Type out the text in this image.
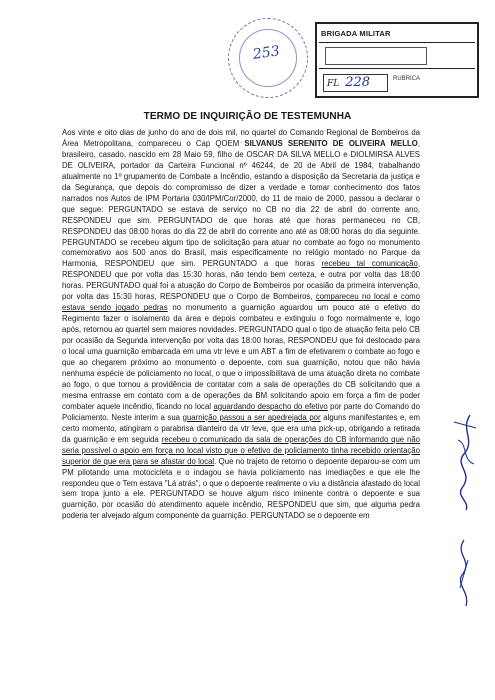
253
BRIGADA MILITAR
FL 228	RUBRICA
TERMO DE INQUIRIÇÃO DE TESTEMUNHA

Aos vinte e oito dias de junho do ano de dois mil, no quartel do Comando Regional de Bombeiros da Área Metropolitana, compareceu o Cap QOEM SILVANUS SERENITO DE OLIVEIRA MELLO, brasileiro, casado, nascido em 28 Maio 59, filho de OSCAR DA SILVA MELLO e DIOLMIRSA ALVES DE OLIVEIRA, portador da Carteira Funcional nº 46244, de 20 de Abril de 1984, trabalhando atualmente no 1º grupamento de Combate a Incêndio, estando a disposição da Secretaria da justiça e da Segurança, que depois do compromisso de dizer a verdade e tomar conhecimento dos fatos narrados nos Autos de IPM Portaria 030/IPM/Cor/2000, do 11 de maio de 2000, passou a declarar o que segue: PERGUNTADO se estava de serviço no CB no dia 22 de abril do corrente ano, RESPONDEU que sim. PERGUNTADO de que horas até que horas permaneceu no CB, RESPONDEU das 08:00 horas do dia 22 de abril do corrente ano até as 08:00 horas do dia seguinte. PERGUNTADO se recebeu algum tipo de solicitação para atuar no combate ao fogo no monumento comemorativo aos 500 anos do Brasil, mais especificamente no relógio montado no Parque da Harmonia, RESPONDEU que sim. PERGUNTADO a que horas recebeu tal comunicação, RESPONDEU que por volta das 15:30 horas, não tendo bem certeza, e outra por volta das 18:00 horas. PERGUNTADO qual foi a atuação do Corpo de Bombeiros por ocasião da primeira intervenção, por volta das 15:30 horas, RESPONDEU que o Corpo de Bombeiros, compareceu no local e como estava sendo jogado pedras no monumento a guarnição aguardou um pouco até o efetivo do Regimento fazer o isolamento da área e depois combateu e extinguiu o fogo normalmente e, logo após, retornou ao quartel sem maiores novidades. PERGUNTADO qual o tipo de atuação feita pelo CB por ocasião da Segunda intervenção por volta das 18:00 horas, RESPONDEU que foi deslocado para o local uma guarnição embarcada em uma vtr leve e um ABT a fim de efetivarem o combate ao fogo e que ao chegarem próximo ao monumento o depoente, com sua guarnição, notou que não havia nenhuma espécie de policiamento no local, o que o impossibilitava de uma atuação direta no combate ao fogo, o que tornou a providência de contatar com a sala de operações do CB solicitando que a mesma entrasse em contato com a de operações da BM solicitando apoio em força a fim de poder combater aquele incêndio, ficando no local aguardando despacho do efetivo por parte do Comando do Policiamento. Neste interim a sua guarnição passou a ser apedrejada por alguns manifestantes e, em certo momento, atingiram o parabrisa dianteiro da vtr leve, que era uma pick-up, obrigando a retirada da guarnição e em seguida recebeu o comunicado da sala de operações do CB informando que não seria possível o apoio em força no local visto que o efetivo de policiamento tinha recebido orientação superior de que era para se afastar do local. Que no trajeto de retorno o depoente deparou-se com um PM pilotando uma motocicleta e o indagou se havia policiamento nas imediações e que ele lhe respondeu que o Tem estava "Lá atrás", o que o depoente realmente o viu a distância afastado do local sem tropa junto a ele. PERGUNTADO se houve algum risco iminente contra o depoente e sua guarnição, por ocasião do atendimento aquele incêndio, RESPONDEU que sim, que alguma pedra poderia ter alvejado algum componente da guarnição. PERGUNTADO se o depoente em
